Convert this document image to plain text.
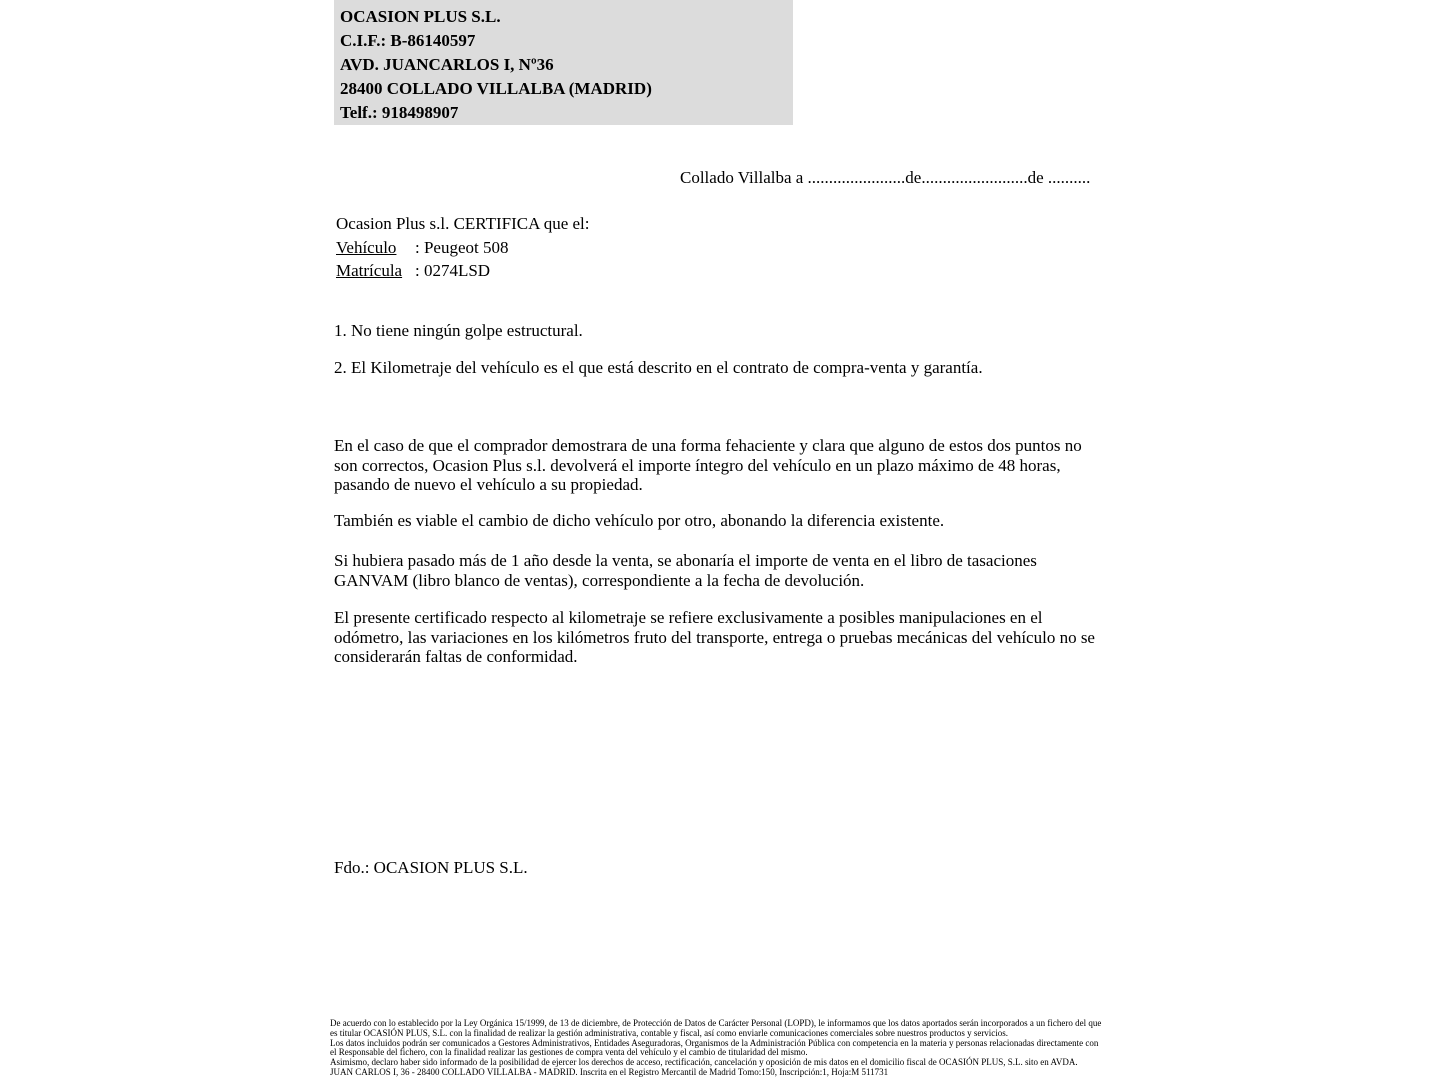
OCASION PLUS S.L.
C.I.F.: B-86140597
AVD. JUANCARLOS I, Nº36
28400 COLLADO VILLALBA (MADRID)
Telf.: 918498907
Collado Villalba a .......................de.........................de ..........
Ocasion Plus s.l. CERTIFICA que el:
Vehículo	: Peugeot 508
Matrícula : 0274LSD
1. No tiene ningún golpe estructural.
2. El Kilometraje del vehículo es el que está descrito en el contrato de compra-venta y garantía.
En el caso de que el comprador demostrara de una forma fehaciente y clara que alguno de estos dos puntos no son correctos, Ocasion Plus s.l. devolverá el importe íntegro del vehículo en un plazo máximo de 48 horas, pasando de nuevo el vehículo a su propiedad.
También es viable el cambio de dicho vehículo por otro, abonando la diferencia existente.
Si hubiera pasado más de 1 año desde la venta, se abonaría el importe de venta en el libro de tasaciones GANVAM (libro blanco de ventas), correspondiente a la fecha de devolución.
El presente certificado respecto al kilometraje se refiere exclusivamente a posibles manipulaciones en el odómetro, las variaciones en los kilómetros fruto del transporte, entrega o pruebas mecánicas del vehículo no se considerarán faltas de conformidad.
Fdo.: OCASION PLUS S.L.

De acuerdo con lo establecido por la Ley Orgánica 15/1999, de 13 de diciembre, de Protección de Datos de Carácter Personal (LOPD), le informamos que los datos aportados serán incorporados a un fichero del que es titular OCASIÓN PLUS, S.L. con la finalidad de realizar la gestión administrativa, contable y fiscal, así como enviarle comunicaciones comerciales sobre nuestros productos y servicios.

Los datos incluidos podrán ser comunicados a Gestores Administrativos, Entidades Aseguradoras, Organismos de la Administración Pública con competencia en la materia y personas relacionadas directamente con el Responsable del fichero, con la finalidad realizar las gestiones de compra venta del vehículo y el cambio de titularidad del mismo.

Asimismo, declaro haber sido informado de la posibilidad de ejercer los derechos de acceso, rectificación, cancelación y oposición de mis datos en el domicilio fiscal de OCASIÓN PLUS, S.L. sito en AVDA. JUAN CARLOS I, 36 - 28400 COLLADO VILLALBA - MADRID. Inscrita en el Registro Mercantil de Madrid Tomo:150, Inscripción:1, Hoja:M 511731
